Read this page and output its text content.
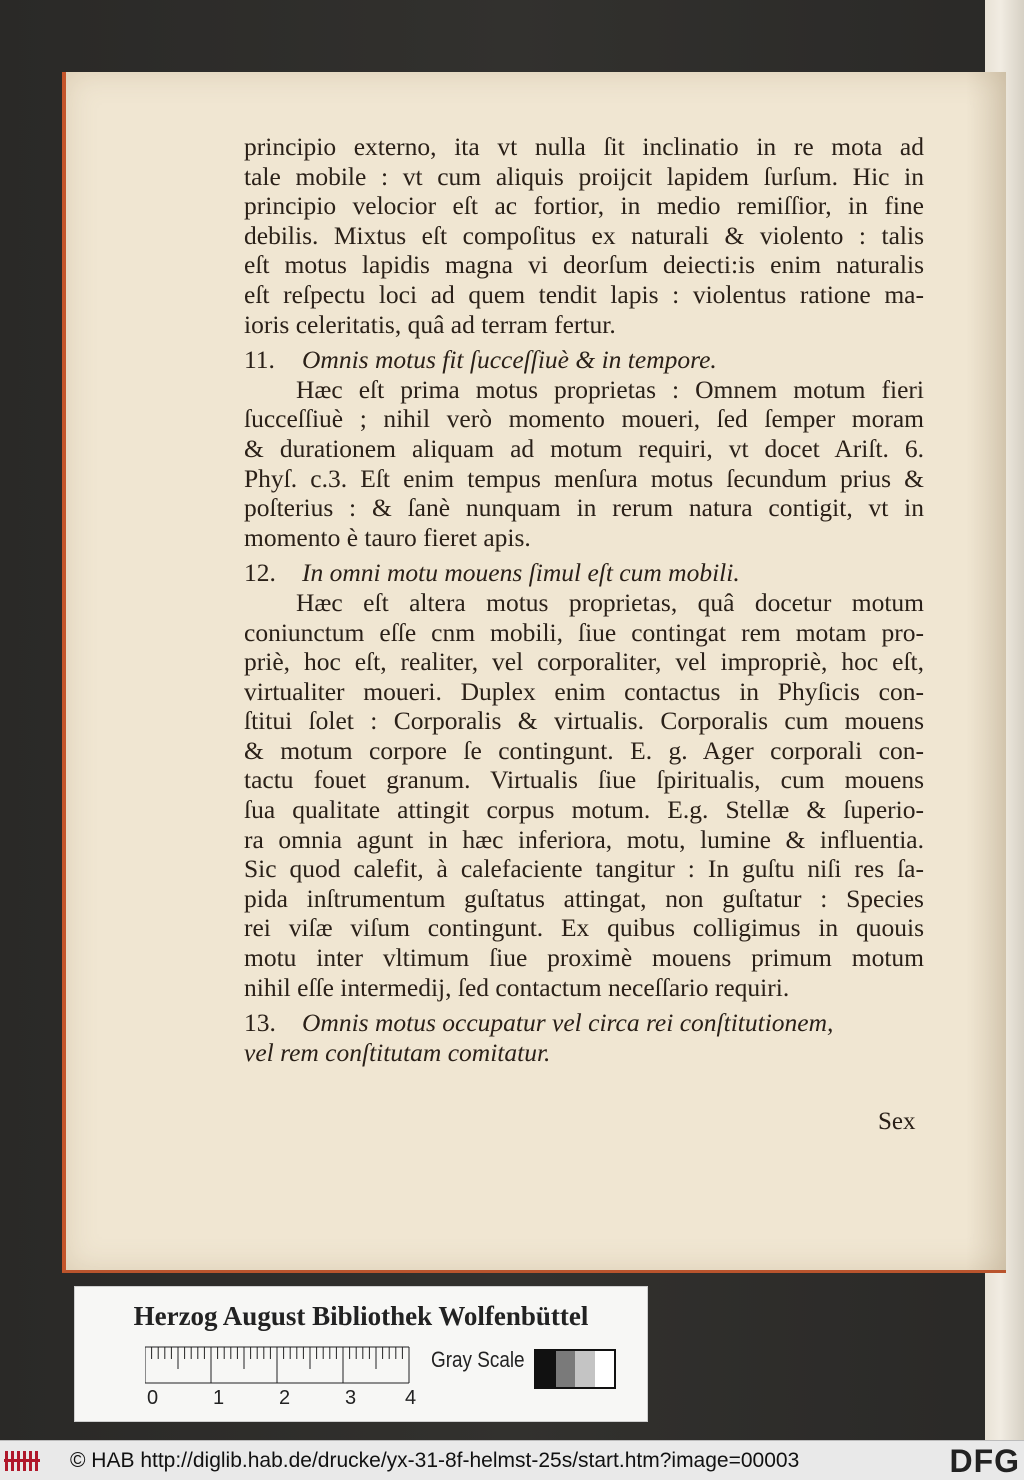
principio externo, ita vt nulla ſit inclinatio in re mota ad
tale mobile : vt cum aliquis proijcit lapidem ſurſum. Hic in
principio velocior eſt ac fortior, in medio remiſſior, in fine
debilis. Mixtus eſt compoſitus ex naturali & violento : talis
eſt motus lapidis magna vi deorſum deiecti:is enim naturalis
eſt reſpectu loci ad quem tendit lapis : violentus ratione ma-
ioris celeritatis, quâ ad terram fertur.
11. Omnis motus fit ſucceſſiuè & in tempore.
Hæc eſt prima motus proprietas : Omnem motum fieri
ſucceſſiuè ; nihil verò momento moueri, ſed ſemper moram
& durationem aliquam ad motum requiri, vt docet Ariſt. 6.
Phyſ. c.3. Eſt enim tempus menſura motus ſecundum prius &
poſterius : & ſanè nunquam in rerum natura contigit, vt in
momento è tauro fieret apis.
12. In omni motu mouens ſimul eſt cum mobili.
Hæc eſt altera motus proprietas, quâ docetur motum
coniunctum eſſe cnm mobili, ſiue contingat rem motam pro-
priè, hoc eſt, realiter, vel corporaliter, vel impropriè, hoc eſt,
virtualiter moueri. Duplex enim contactus in Phyſicis con-
ſtitui ſolet : Corporalis & virtualis. Corporalis cum mouens
& motum corpore ſe contingunt. E. g. Ager corporali con-
tactu fouet granum. Virtualis ſiue ſpiritualis, cum mouens
ſua qualitate attingit corpus motum. E.g. Stellæ & ſuperio-
ra omnia agunt in hæc inferiora, motu, lumine & influentia.
Sic quod calefit, à calefaciente tangitur : In guſtu niſi res ſa-
pida inſtrumentum guſtatus attingat, non guſtatur : Species
rei viſæ viſum contingunt. Ex quibus colligimus in quouis
motu inter vltimum ſiue proximè mouens primum motum
nihil eſſe intermedij, ſed contactum neceſſario requiri.
13. Omnis motus occupatur vel circa rei conſtitutionem,
vel rem conſtitutam comitatur.
Sex
Herzog August Bibliothek Wolfenbüttel
0	1	2	3 4
Gray Scale
© HAB http://diglib.hab.de/drucke/yx-31-8f-helmst-25s/start.htm?image=00003	DFG
